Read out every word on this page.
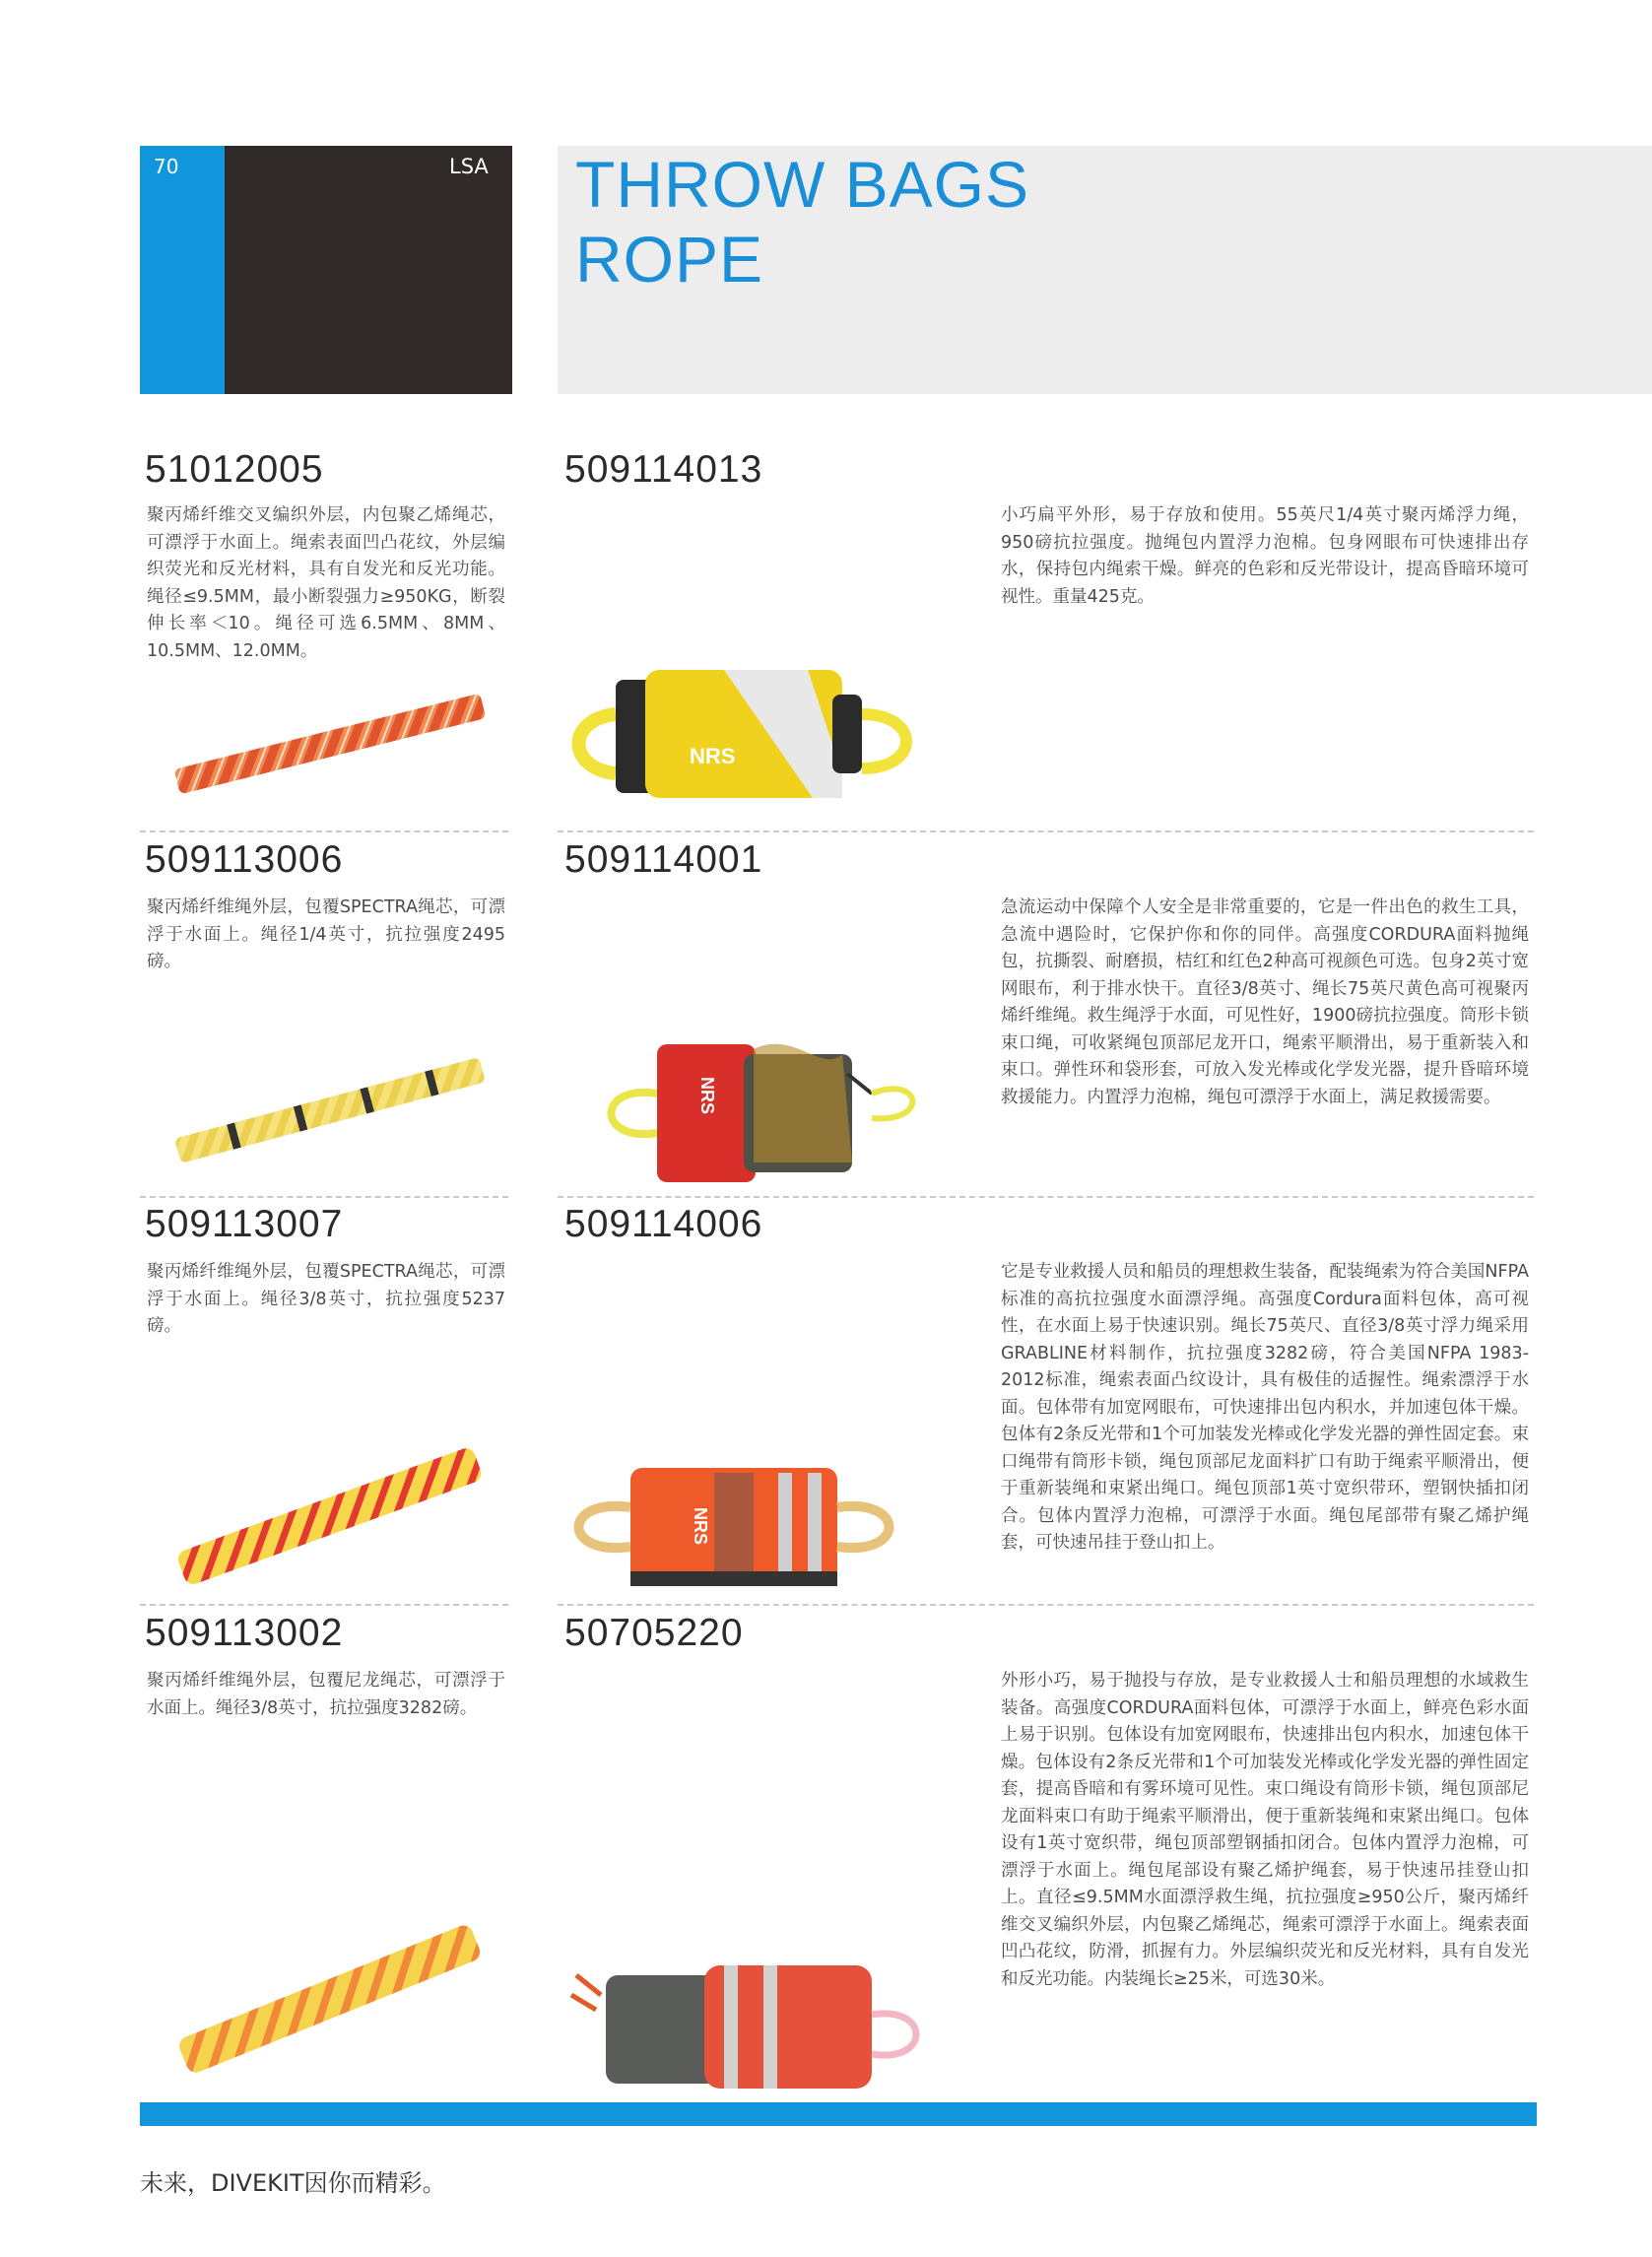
70	LSA THROW BAGS
ROPE
51012005
聚丙烯纤维交叉编织外层，内包聚乙烯绳芯，可漂浮于水面上。绳索表面凹凸花纹，外层编织荧光和反光材料，具有自发光和反光功能。绳径≤9.5MM，最小断裂强力≥950KG，断裂伸长率＜10。绳径可选6.5MM、8MM、10.5MM、12.0MM。
509113006
聚丙烯纤维绳外层，包覆SPECTRA绳芯，可漂浮于水面上。绳径1/4英寸，抗拉强度2495磅。
509113007
聚丙烯纤维绳外层，包覆SPECTRA绳芯，可漂浮于水面上。绳径3/8英寸，抗拉强度5237磅。
509113002
聚丙烯纤维绳外层，包覆尼龙绳芯，可漂浮于水面上。绳径3/8英寸，抗拉强度3282磅。
509114013
小巧扁平外形，易于存放和使用。55英尺1/4英寸聚丙烯浮力绳，950磅抗拉强度。抛绳包内置浮力泡棉。包身网眼布可快速排出存水，保持包内绳索干燥。鲜亮的色彩和反光带设计，提高昏暗环境可视性。重量425克。
509114001
急流运动中保障个人安全是非常重要的，它是一件出色的救生工具，急流中遇险时，它保护你和你的同伴。高强度CORDURA面料抛绳包，抗撕裂、耐磨损，桔红和红色2种高可视颜色可选。包身2英寸宽网眼布，利于排水快干。直径3/8英寸、绳长75英尺黄色高可视聚丙烯纤维绳。救生绳浮于水面，可见性好，1900磅抗拉强度。筒形卡锁束口绳，可收紧绳包顶部尼龙开口，绳索平顺滑出，易于重新装入和束口。弹性环和袋形套，可放入发光棒或化学发光器，提升昏暗环境救援能力。内置浮力泡棉，绳包可漂浮于水面上，满足救援需要。
509114006
它是专业救援人员和船员的理想救生装备，配装绳索为符合美国NFPA标准的高抗拉强度水面漂浮绳。高强度Cordura面料包体，高可视性，在水面上易于快速识别。绳长75英尺、直径3/8英寸浮力绳采用GRABLINE材料制作，抗拉强度3282磅，符合美国NFPA 1983-2012标准，绳索表面凸纹设计，具有极佳的适握性。绳索漂浮于水面。包体带有加宽网眼布，可快速排出包内积水，并加速包体干燥。包体有2条反光带和1个可加装发光棒或化学发光器的弹性固定套。束口绳带有筒形卡锁，绳包顶部尼龙面料扩口有助于绳索平顺滑出，便于重新装绳和束紧出绳口。绳包顶部1英寸宽织带环，塑钢快插扣闭合。包体内置浮力泡棉，可漂浮于水面。绳包尾部带有聚乙烯护绳套，可快速吊挂于登山扣上。
50705220
外形小巧，易于抛投与存放，是专业救援人士和船员理想的水域救生装备。高强度CORDURA面料包体，可漂浮于水面上，鲜亮色彩水面上易于识别。包体设有加宽网眼布，快速排出包内积水，加速包体干燥。包体设有2条反光带和1个可加装发光棒或化学发光器的弹性固定套，提高昏暗和有雾环境可见性。束口绳设有筒形卡锁，绳包顶部尼龙面料束口有助于绳索平顺滑出，便于重新装绳和束紧出绳口。包体设有1英寸宽织带，绳包顶部塑钢插扣闭合。包体内置浮力泡棉，可漂浮于水面上。绳包尾部设有聚乙烯护绳套，易于快速吊挂登山扣上。直径≤9.5MM水面漂浮救生绳，抗拉强度≥950公斤，聚丙烯纤维交叉编织外层，内包聚乙烯绳芯，绳索可漂浮于水面上。绳索表面凹凸花纹，防滑，抓握有力。外层编织荧光和反光材料，具有自发光和反光功能。内装绳长≥25米，可选30米。
NRS
NRS
NRS
未来，DIVEKIT因你而精彩。
